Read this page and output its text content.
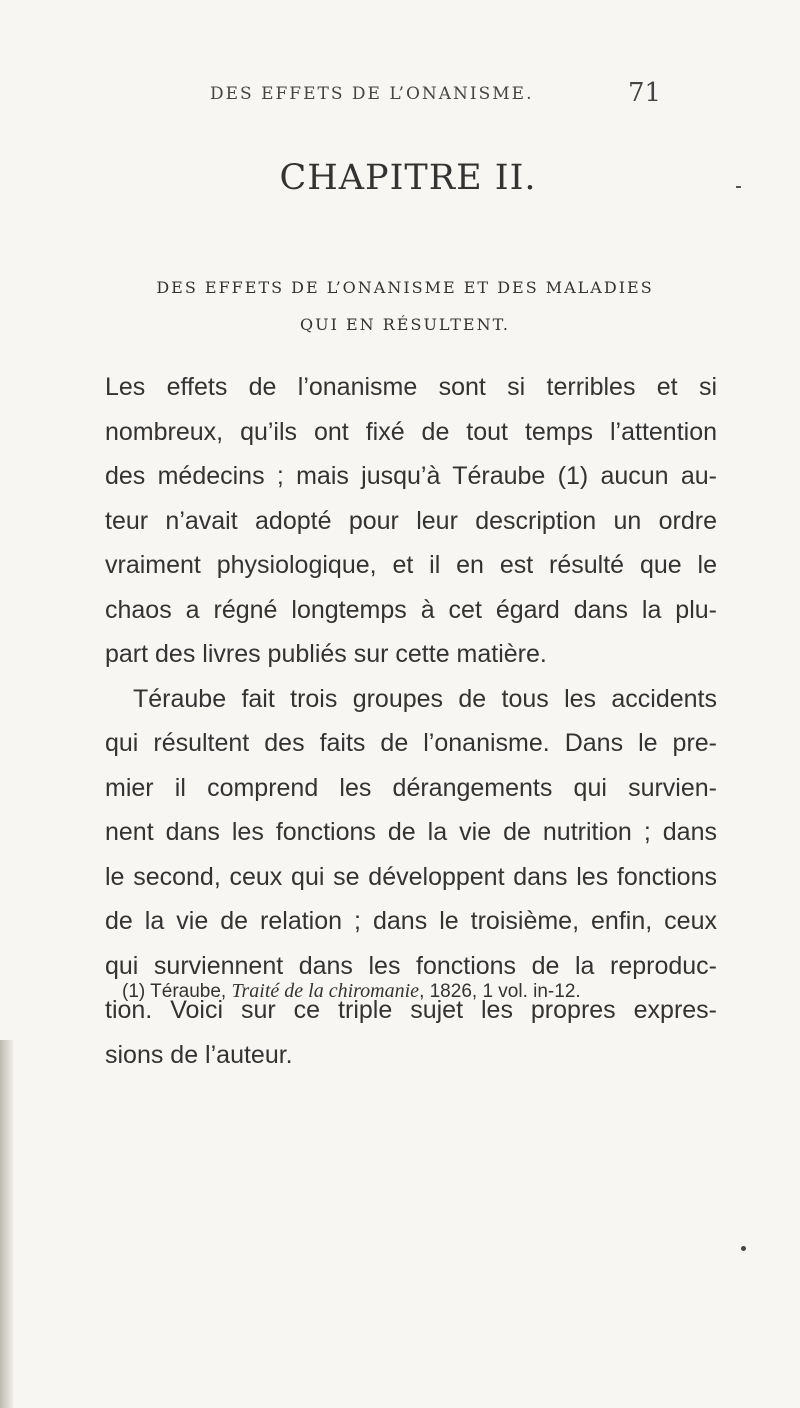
DES EFFETS DE L’ONANISME.	71
CHAPITRE II.
DES EFFETS DE L’ONANISME ET DES MALADIES
QUI EN RÉSULTENT.
Les effets de l’onanisme sont si terribles et si
nombreux, qu’ils ont fixé de tout temps l’attention
des médecins ; mais jusqu’à Téraube (1) aucun au-
teur n’avait adopté pour leur description un ordre
vraiment physiologique, et il en est résulté que le
chaos a régné longtemps à cet égard dans la plu-
part des livres publiés sur cette matière.
Téraube fait trois groupes de tous les accidents
qui résultent des faits de l’onanisme. Dans le pre-
mier il comprend les dérangements qui survien-
nent dans les fonctions de la vie de nutrition ; dans
le second, ceux qui se développent dans les fonctions
de la vie de relation ; dans le troisième, enfin, ceux
qui surviennent dans les fonctions de la reproduc-
tion. Voici sur ce triple sujet les propres expres-
sions de l’auteur.
(1) Téraube, Traité de la chiromanie, 1826, 1 vol. in-12.
